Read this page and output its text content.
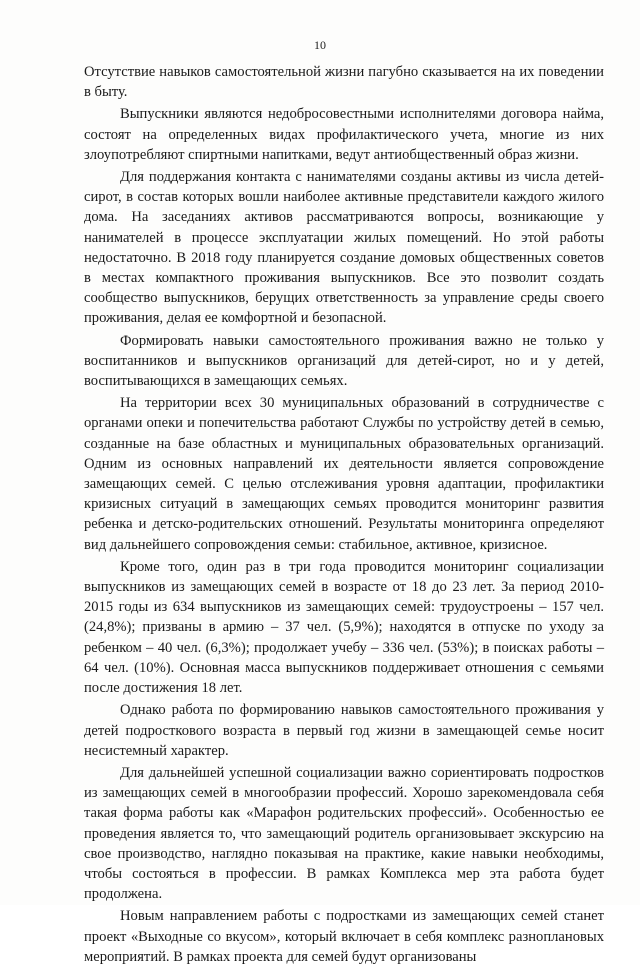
10

Отсутствие навыков самостоятельной жизни пагубно сказывается на их поведении в быту.

Выпускники являются недобросовестными исполнителями договора найма, состоят на определенных видах профилактического учета, многие из них злоупотребляют спиртными напитками, ведут антиобщественный образ жизни.

Для поддержания контакта с нанимателями созданы активы из числа детей-сирот, в состав которых вошли наиболее активные представители каждого жилого дома. На заседаниях активов рассматриваются вопросы, возникающие у нанимателей в процессе эксплуатации жилых помещений. Но этой работы недостаточно. В 2018 году планируется создание домовых общественных советов в местах компактного проживания выпускников. Все это позволит создать сообщество выпускников, берущих ответственность за управление среды своего проживания, делая ее комфортной и безопасной.

Формировать навыки самостоятельного проживания важно не только у воспитанников и выпускников организаций для детей-сирот, но и у детей, воспитывающихся в замещающих семьях.

На территории всех 30 муниципальных образований в сотрудничестве с органами опеки и попечительства работают Службы по устройству детей в семью, созданные на базе областных и муниципальных образовательных организаций. Одним из основных направлений их деятельности является сопровождение замещающих семей. С целью отслеживания уровня адаптации, профилактики кризисных ситуаций в замещающих семьях проводится мониторинг развития ребенка и детско-родительских отношений. Результаты мониторинга определяют вид дальнейшего сопровождения семьи: стабильное, активное, кризисное.

Кроме того, один раз в три года проводится мониторинг социализации выпускников из замещающих семей в возрасте от 18 до 23 лет. За период 2010-2015 годы из 634 выпускников из замещающих семей: трудоустроены – 157 чел. (24,8%); призваны в армию – 37 чел. (5,9%); находятся в отпуске по уходу за ребенком – 40 чел. (6,3%); продолжает учебу – 336 чел. (53%); в поисках работы – 64 чел. (10%). Основная масса выпускников поддерживает отношения с семьями после достижения 18 лет.

Однако работа по формированию навыков самостоятельного проживания у детей подросткового возраста в первый год жизни в замещающей семье носит несистемный характер.

Для дальнейшей успешной социализации важно сориентировать подростков из замещающих семей в многообразии профессий. Хорошо зарекомендовала себя такая форма работы как «Марафон родительских профессий». Особенностью ее проведения является то, что замещающий родитель организовывает экскурсию на свое производство, наглядно показывая на практике, какие навыки необходимы, чтобы состояться в профессии. В рамках Комплекса мер эта работа будет продолжена.

Новым направлением работы с подростками из замещающих семей станет проект «Выходные со вкусом», который включает в себя комплекс разноплановых мероприятий. В рамках проекта для семей будут организованы
